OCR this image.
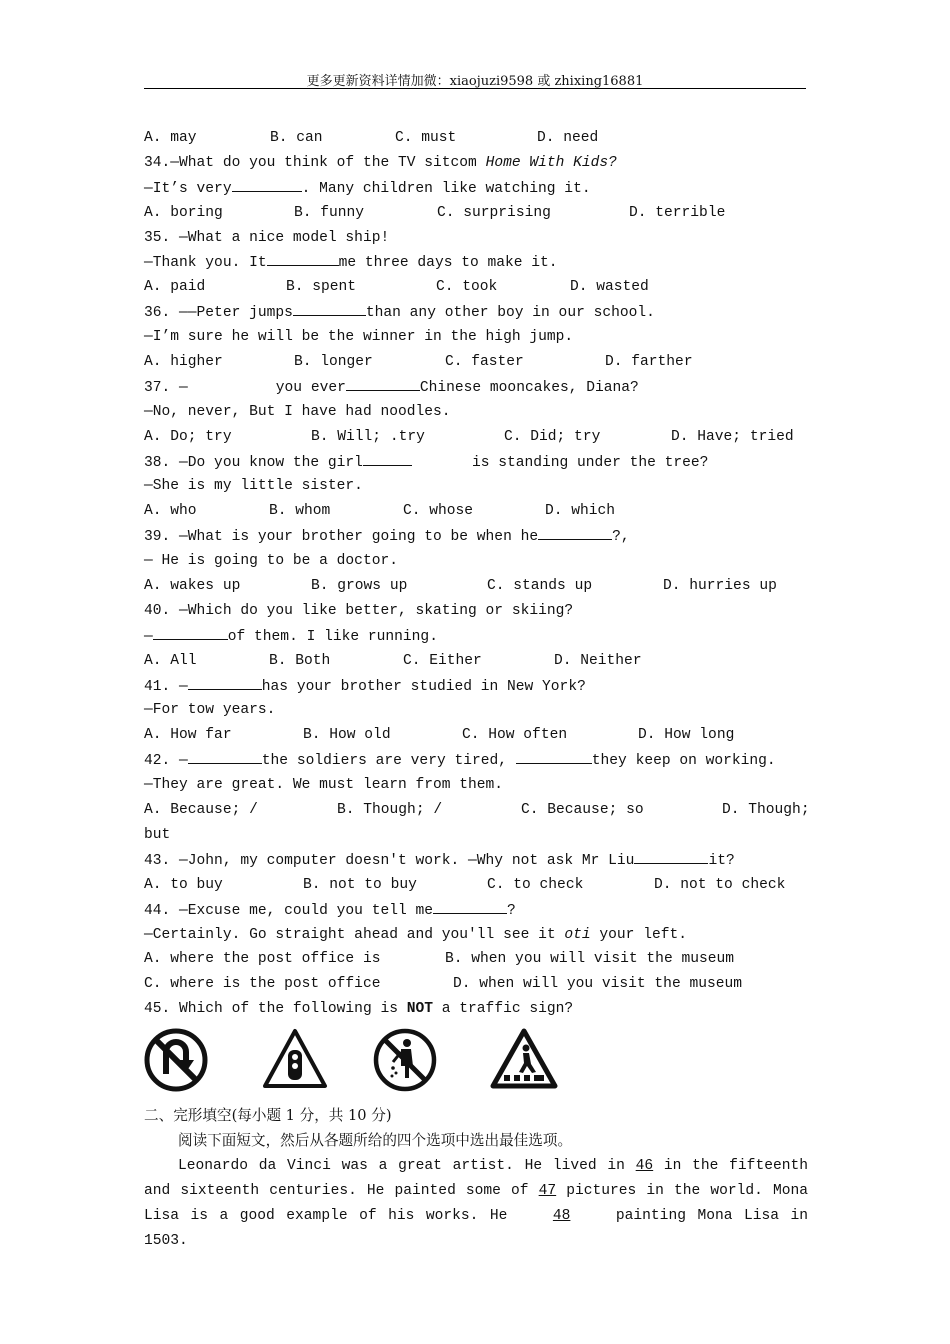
更多更新资料详情加微：xiaojuzi9598 或 zhixing16881
A. may	B. can	C. must	D. need
34.—What do you think of the TV sitcom Home With Kids?
—It’s very	. Many children like watching it.
A. boring	B. funny	C. surprising	D. terrible
35. —What a nice model ship!
—Thank you. It	me three days to make it.
A. paid	B. spent	C. took	D. wasted
36. ——Peter jumps	than any other boy in our school.
—I’m sure he will be the winner in the high jump.
A. higher	B. longer	C. faster	D. farther
37. —	you ever	Chinese mooncakes, Diana?
—No, never, But I have had noodles.
A. Do; try	B. Will; .try	C. Did; try	D. Have; tried
38. —Do you know the girl	is standing under the tree?
—She is my little sister.
A. who	B. whom	C. whose	D. which
39. —What is your brother going to be when he	?,
— He is going to be a doctor.
A. wakes up	B. grows up	C. stands up	D. hurries up
40. —Which do you like better, skating or skiing?
—	of them. I like running.
A. All	B. Both	C. Either	D. Neither
41. —	has your brother studied in New York?
—For tow years.
A. How far	B. How old	C. How often	D. How long
42. —	the soldiers are very tired,	they keep on working.
—They are great. We must learn from them.
A. Because; /	B. Though; /	C. Because; so	D. Though;
but
43. —John, my computer doesn't work. —Why not ask Mr Liu	it?
A. to buy	B. not to buy	C. to check	D. not to check
44. —Excuse me, could you tell me	?
—Certainly. Go straight ahead and you'll see it oti your left.
A. where the post office is	B. when you will visit the museum
C. where is the post office	D. when will you visit the museum
45. Which of the following is NOT a traffic sign?
二、完形填空(每小题 1 分，共 10 分)
阅读下面短文，然后从各题所给的四个选项中选出最佳选项。
Leonardo da Vinci was a great artist. He lived in 46 in the fifteenth and sixteenth centuries. He painted some of 47 pictures in the world. Mona Lisa is a good example of his works. He 48 painting Mona Lisa in 1503.
